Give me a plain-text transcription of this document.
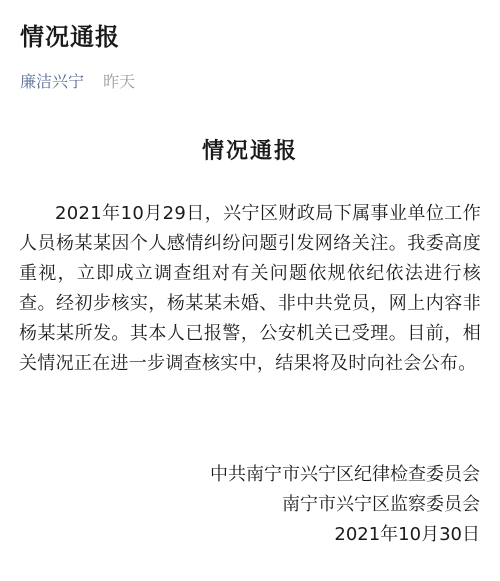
情况通报
廉洁兴宁 昨天
情况通报
2021年10月29日，兴宁区财政局下属事业单位工作人员杨某某因个人感情纠纷问题引发网络关注。我委高度重视，立即成立调查组对有关问题依规依纪依法进行核查。经初步核实，杨某某未婚、非中共党员，网上内容非杨某某所发。其本人已报警，公安机关已受理。目前，相关情况正在进一步调查核实中，结果将及时向社会公布。
中共南宁市兴宁区纪律检查委员会
南宁市兴宁区监察委员会
2021年10月30日
